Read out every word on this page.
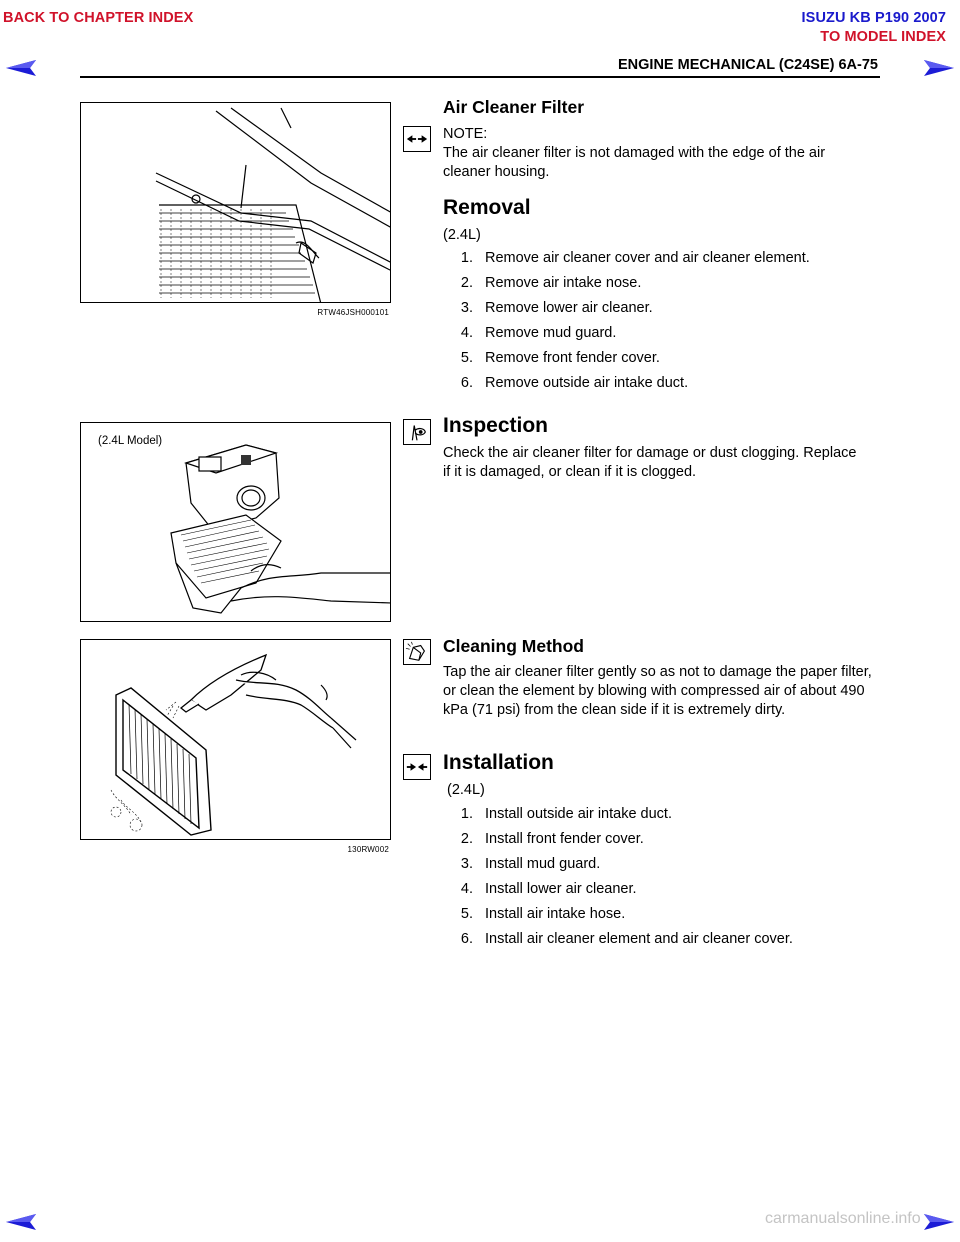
BACK TO CHAPTER INDEX	ISUZU KB P190 2007
TO MODEL INDEX
ENGINE MECHANICAL (C24SE) 6A-75
RTW46JSH000101
Air Cleaner Filter
NOTE:
The air cleaner filter is not damaged with the edge of the air cleaner housing.
Removal
(2.4L)
1. Remove air cleaner cover and air cleaner element.
2. Remove air intake nose.
3. Remove lower air cleaner.
4. Remove mud guard.
5. Remove front fender cover.
6. Remove outside air intake duct.
(2.4L Model)
Inspection
Check the air cleaner filter for damage or dust clogging. Replace if it is damaged, or clean if it is clogged.
130RW002
Cleaning Method
Tap the air cleaner filter gently so as not to damage the paper filter, or clean the element by blowing with compressed air of about 490 kPa (71 psi) from the clean side if it is extremely dirty.
Installation
(2.4L)
1. Install outside air intake duct.
2. Install front fender cover.
3. Install mud guard.
4. Install lower air cleaner.
5. Install air intake hose.
6. Install air cleaner element and air cleaner cover.
carmanualsonline.info
